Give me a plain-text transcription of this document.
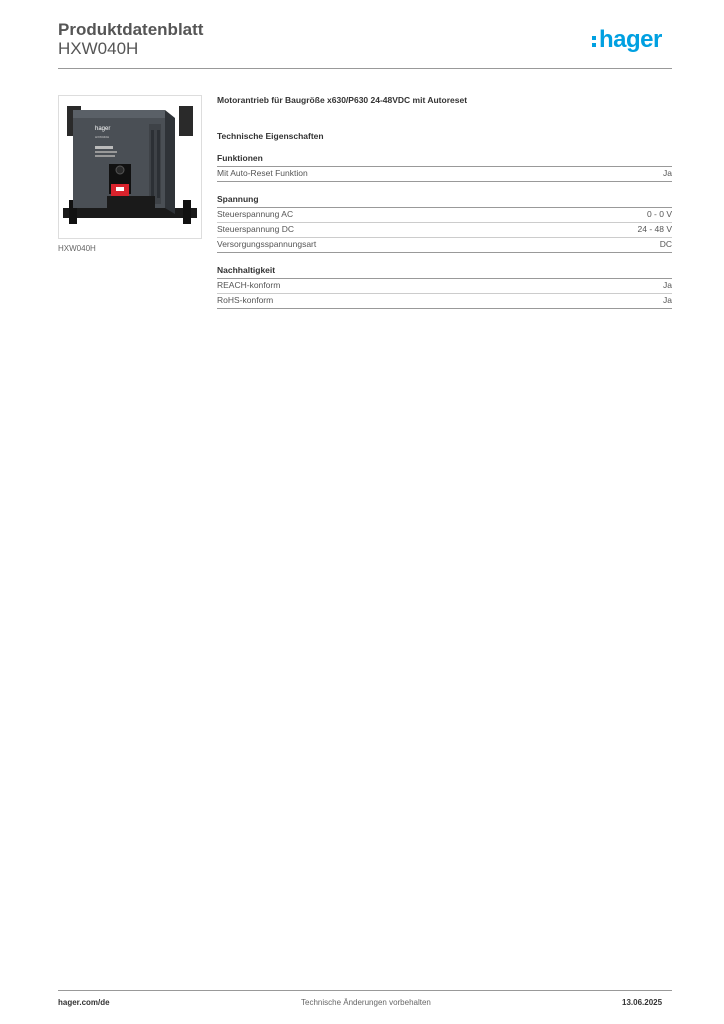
Produktdatenblatt
HXW040H	hager
hager
HXW040H
HXW040H
Motorantrieb für Baugröße x630/P630 24-48VDC mit Autoreset
Technische Eigenschaften
Funktionen
Mit Auto-Reset Funktion	Ja
Spannung
Steuerspannung AC	0 - 0 V
Steuerspannung DC	24 - 48 V
Versorgungsspannungsart	DC
Nachhaltigkeit
REACH-konform	Ja
RoHS-konform	Ja
hager.com/de	Technische Änderungen vorbehalten	13.06.2025
